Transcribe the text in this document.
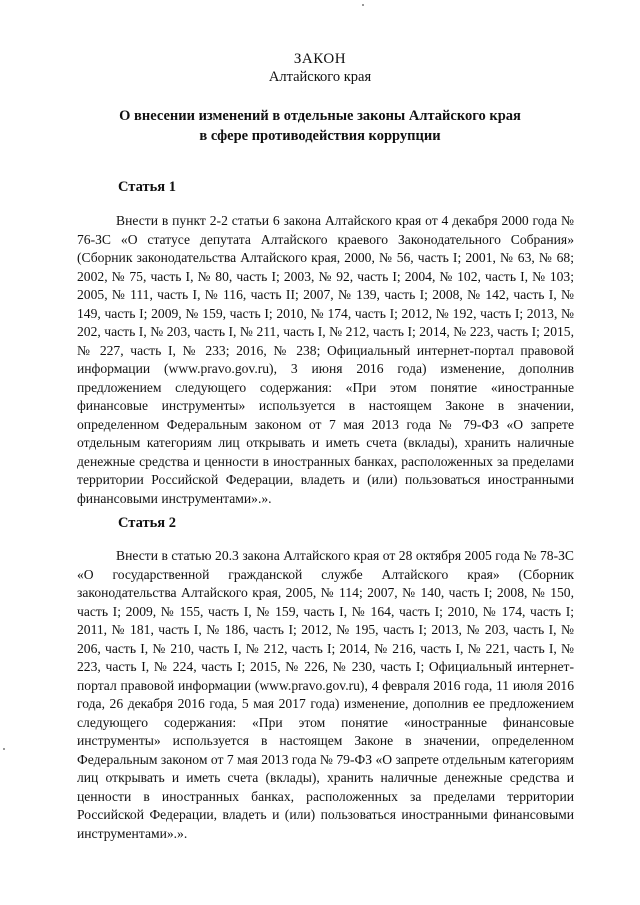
ЗАКОН
Алтайского края
О внесении изменений в отдельные законы Алтайского края
в сфере противодействия коррупции
Статья 1

Внести в пункт 2-2 статьи 6 закона Алтайского края от 4 декабря 2000 года № 76-ЗС «О статусе депутата Алтайского краевого Законодательного Собрания» (Сборник законодательства Алтайского края, 2000, № 56, часть I; 2001, № 63, № 68; 2002, № 75, часть I, № 80, часть I; 2003, № 92, часть I; 2004, № 102, часть I, № 103; 2005, № 111, часть I, № 116, часть II; 2007, № 139, часть I; 2008, № 142, часть I, № 149, часть I; 2009, № 159, часть I; 2010, № 174, часть I; 2012, № 192, часть I; 2013, № 202, часть I, № 203, часть I, № 211, часть I, № 212, часть I; 2014, № 223, часть I; 2015, № 227, часть I, № 233; 2016, № 238; Официальный интернет-портал правовой информации (www.pravo.gov.ru), 3 июня 2016 года) изменение, дополнив предложением следующего содержания: «При этом понятие «иностранные финансовые инструменты» используется в настоящем Законе в значении, определенном Федеральным законом от 7 мая 2013 года № 79-ФЗ «О запрете отдельным категориям лиц открывать и иметь счета (вклады), хранить наличные денежные средства и ценности в иностранных банках, расположенных за пределами территории Российской Федерации, владеть и (или) пользоваться иностранными финансовыми инструментами».».

Статья 2

Внести в статью 20.3 закона Алтайского края от 28 октября 2005 года № 78-ЗС «О государственной гражданской службе Алтайского края» (Сборник законодательства Алтайского края, 2005, № 114; 2007, № 140, часть I; 2008, № 150, часть I; 2009, № 155, часть I, № 159, часть I, № 164, часть I; 2010, № 174, часть I; 2011, № 181, часть I, № 186, часть I; 2012, № 195, часть I; 2013, № 203, часть I, № 206, часть I, № 210, часть I, № 212, часть I; 2014, № 216, часть I, № 221, часть I, № 223, часть I, № 224, часть I; 2015, № 226, № 230, часть I; Официальный интернет-портал правовой информации (www.pravo.gov.ru), 4 февраля 2016 года, 11 июля 2016 года, 26 декабря 2016 года, 5 мая 2017 года) изменение, дополнив ее предложением следующего содержания: «При этом понятие «иностранные финансовые инструменты» используется в настоящем Законе в значении, определенном Федеральным законом от 7 мая 2013 года № 79-ФЗ «О запрете отдельным категориям лиц открывать и иметь счета (вклады), хранить наличные денежные средства и ценности в иностранных банках, расположенных за пределами территории Российской Федерации, владеть и (или) пользоваться иностранными финансовыми инструментами».».
